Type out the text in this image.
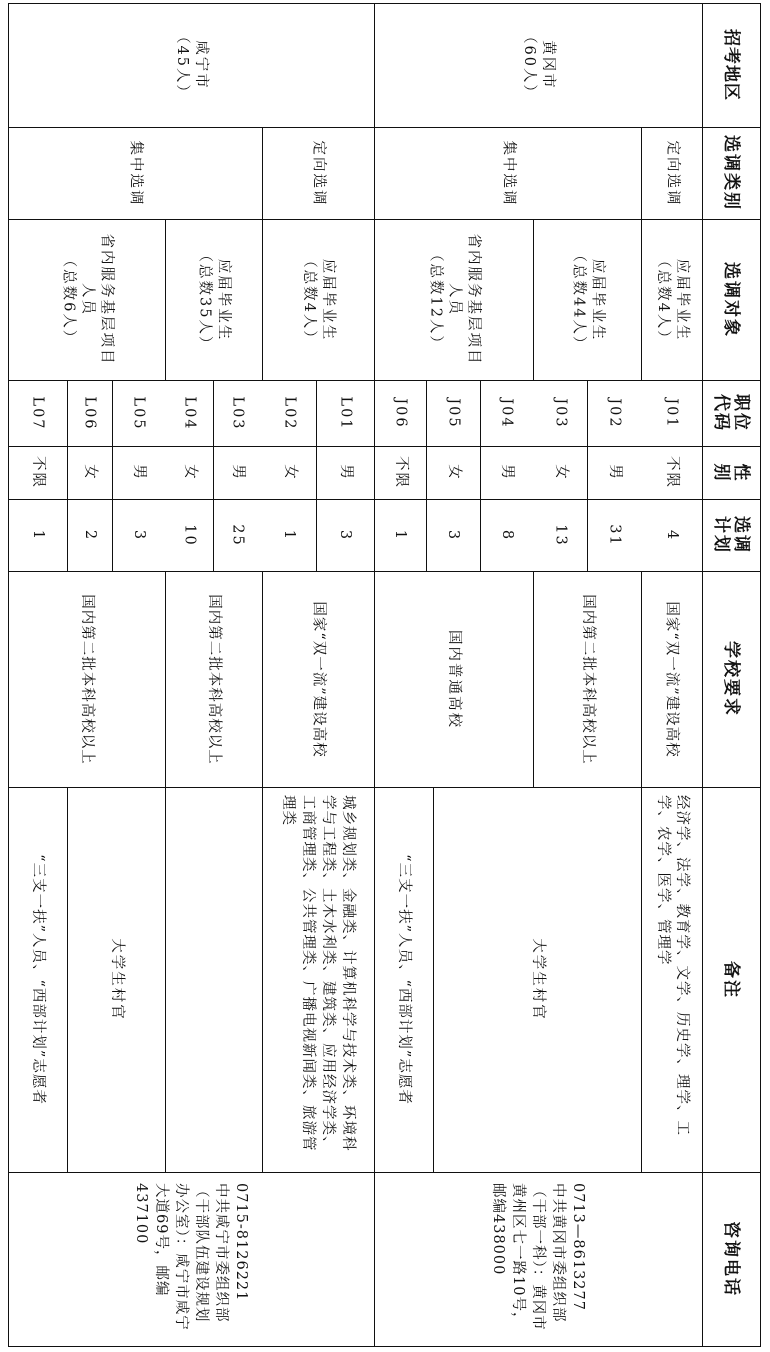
招考地区
选调类别
选调对象
职位代码
性别
选调计划
学校要求
备注
咨询电话
黄冈市
（60人）
咸宁市
（45人）
定向选调
集中选调
定向选调
集中选调
应届毕业生
（总数4人）
应届毕业生
（总数44人）
省内服务基层项目人员
（总数12人）
应届毕业生
（总数4人）
应届毕业生
（总数35人）
省内服务基层项目人员
（总数6人）
J01
不限
4
J02
男
31
J03
女
13
J04
男
8
J05
女
3
J06
不限
1
L01
男
3
L02
女
1
L03
男
25
L04
女
10
L05
男
3
L06
女
2
L07
不限
1
国家“双一流”建设高校
国内第二批本科高校以上
国内普通高校
国家“双一流”建设高校
国内第二批本科高校以上
国内第二批本科高校以上
经济学、法学、教育学、文学、历史学、理学、工学、农学、医学、管理学
大学生村官
“三支一扶”人员、“西部计划”志愿者
城乡规划类、金融类、计算机科学与技术类、环境科学与工程类、土木水利类、建筑类、应用经济学类、工商管理类、公共管理类、广播电视新闻类、旅游管理类
大学生村官
“三支一扶”人员、“西部计划”志愿者
0713—8613277
中共黄冈市委组织部（干部一科）：黄冈市黄州区七一路10号，邮编438000
0715-8126221
中共咸宁市委组织部（干部队伍建设规划办公室）：咸宁市咸宁大道69号，邮编437100
